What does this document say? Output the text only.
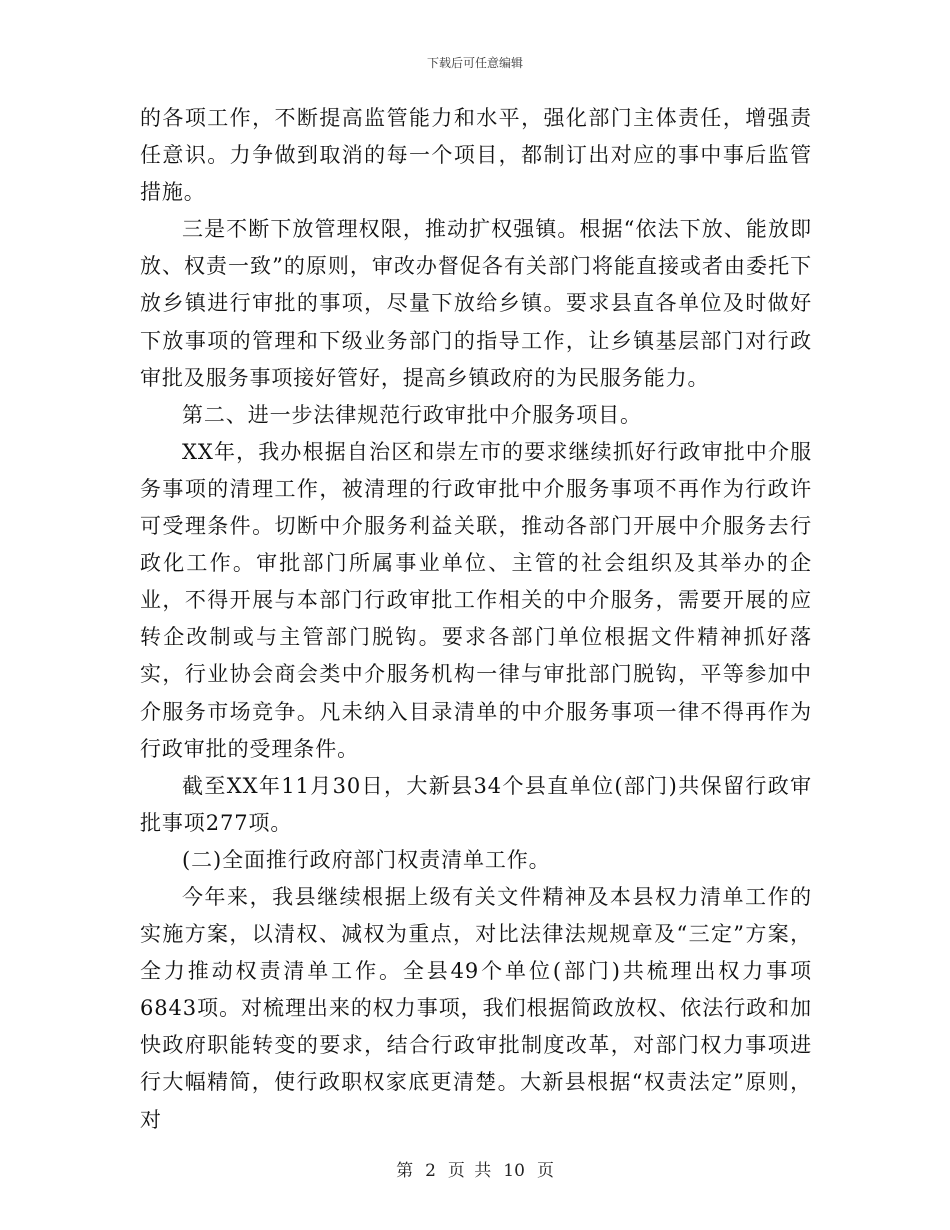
下载后可任意编辑

的各项工作，不断提高监管能力和水平，强化部门主体责任，增强责任意识。力争做到取消的每一个项目，都制订出对应的事中事后监管措施。

三是不断下放管理权限，推动扩权强镇。根据“依法下放、能放即放、权责一致”的原则，审改办督促各有关部门将能直接或者由委托下放乡镇进行审批的事项，尽量下放给乡镇。要求县直各单位及时做好下放事项的管理和下级业务部门的指导工作，让乡镇基层部门对行政审批及服务事项接好管好，提高乡镇政府的为民服务能力。

第二、进一步法律规范行政审批中介服务项目。

XX年，我办根据自治区和崇左市的要求继续抓好行政审批中介服务事项的清理工作，被清理的行政审批中介服务事项不再作为行政许可受理条件。切断中介服务利益关联，推动各部门开展中介服务去行政化工作。审批部门所属事业单位、主管的社会组织及其举办的企业，不得开展与本部门行政审批工作相关的中介服务，需要开展的应转企改制或与主管部门脱钩。要求各部门单位根据文件精神抓好落实，行业协会商会类中介服务机构一律与审批部门脱钩，平等参加中介服务市场竞争。凡未纳入目录清单的中介服务事项一律不得再作为行政审批的受理条件。

截至XX年11月30日，大新县34个县直单位(部门)共保留行政审批事项277项。

(二)全面推行政府部门权责清单工作。

今年来，我县继续根据上级有关文件精神及本县权力清单工作的实施方案，以清权、减权为重点，对比法律法规规章及“三定”方案，全力推动权责清单工作。全县49个单位(部门)共梳理出权力事项6843项。对梳理出来的权力事项，我们根据简政放权、依法行政和加快政府职能转变的要求，结合行政审批制度改革，对部门权力事项进行大幅精简，使行政职权家底更清楚。大新县根据“权责法定”原则，对

第 2 页 共 10 页
